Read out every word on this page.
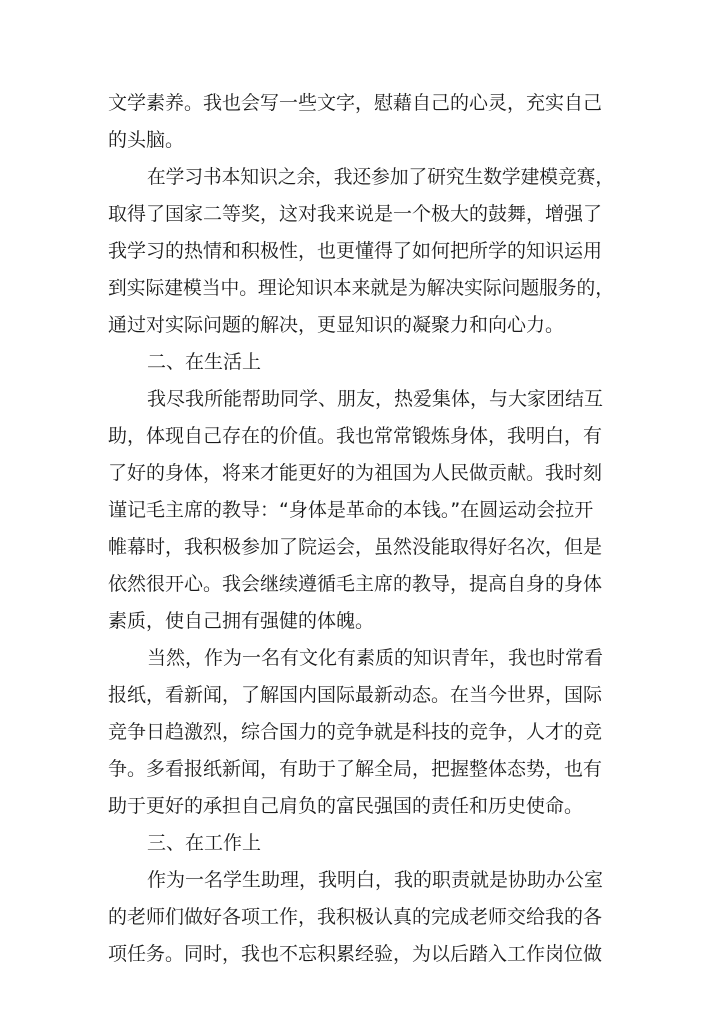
文学素养。我也会写一些文字，慰藉自己的心灵，充实自己
的头脑。
在学习书本知识之余，我还参加了研究生数学建模竞赛，
取得了国家二等奖，这对我来说是一个极大的鼓舞，增强了
我学习的热情和积极性，也更懂得了如何把所学的知识运用
到实际建模当中。理论知识本来就是为解决实际问题服务的，
通过对实际问题的解决，更显知识的凝聚力和向心力。
二、在生活上
我尽我所能帮助同学、朋友，热爱集体，与大家团结互
助，体现自己存在的价值。我也常常锻炼身体，我明白，有
了好的身体，将来才能更好的为祖国为人民做贡献。我时刻
谨记毛主席的教导：“身体是革命的本钱。”在圆运动会拉开
帷幕时，我积极参加了院运会，虽然没能取得好名次，但是
依然很开心。我会继续遵循毛主席的教导，提高自身的身体
素质，使自己拥有强健的体魄。
当然，作为一名有文化有素质的知识青年，我也时常看
报纸，看新闻，了解国内国际最新动态。在当今世界，国际
竞争日趋激烈，综合国力的竞争就是科技的竞争，人才的竞
争。多看报纸新闻，有助于了解全局，把握整体态势，也有
助于更好的承担自己肩负的富民强国的责任和历史使命。
三、在工作上
作为一名学生助理，我明白，我的职责就是协助办公室
的老师们做好各项工作，我积极认真的完成老师交给我的各
项任务。同时，我也不忘积累经验，为以后踏入工作岗位做
